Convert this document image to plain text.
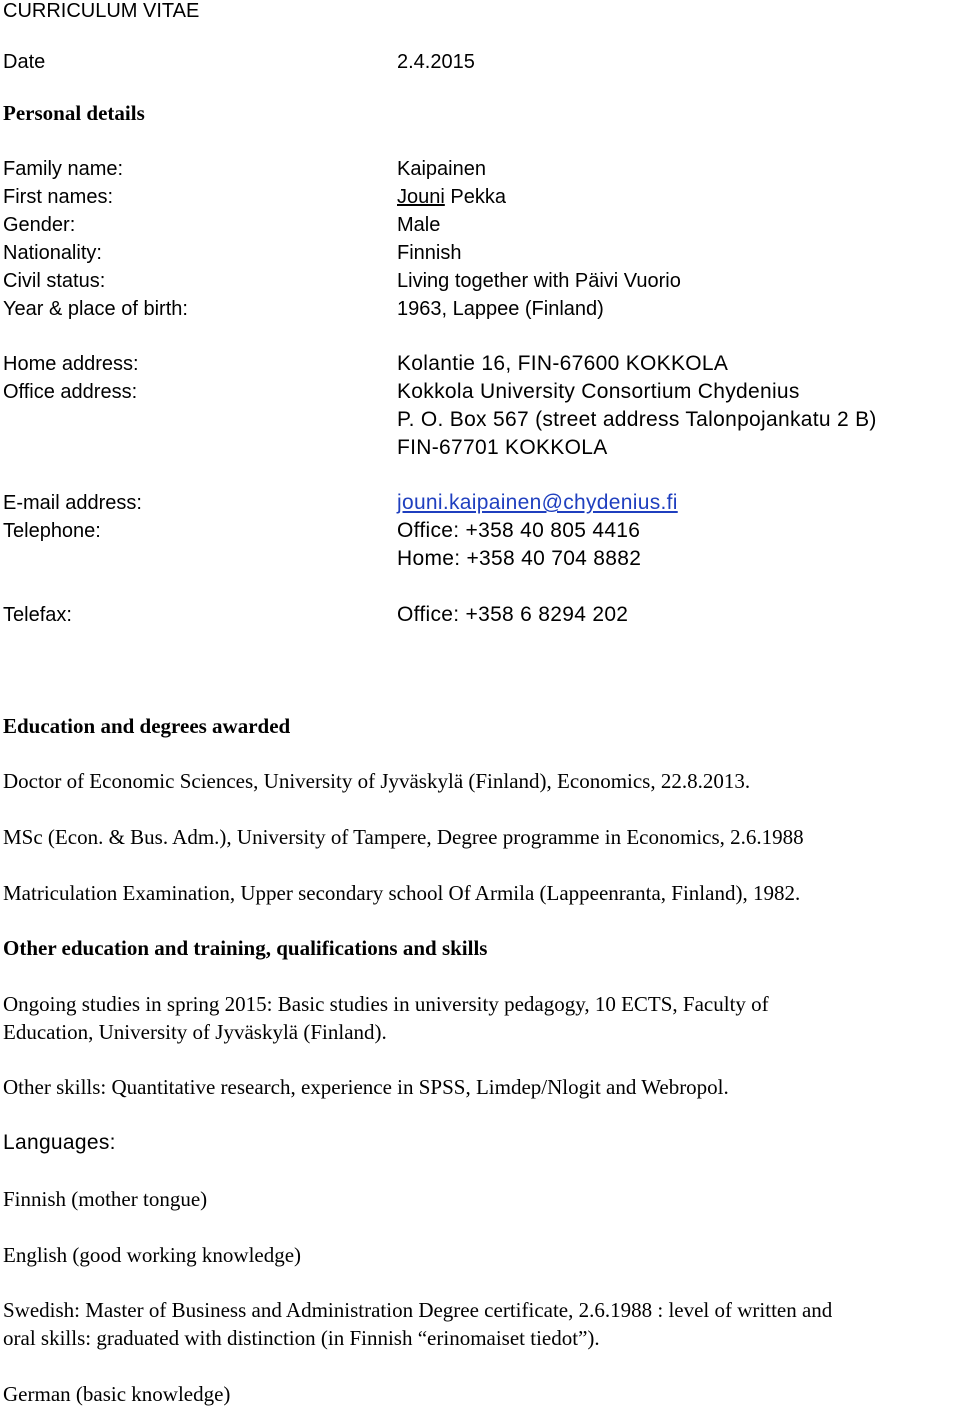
CURRICULUM VITAE
Date	2.4.2015
Personal details
Family name:	Kaipainen
First names:	Jouni Pekka
Gender:	Male
Nationality:	Finnish
Civil status:	Living together with Päivi Vuorio
Year & place of birth:	1963, Lappee (Finland)
Home address:	Kolantie 16, FIN-67600 KOKKOLA
Office address:	Kokkola University Consortium Chydenius
P. O. Box 567 (street address Talonpojankatu 2 B)
FIN-67701 KOKKOLA
E-mail address:	jouni.kaipainen@chydenius.fi
Telephone:	Office: +358 40 805 4416
Home: +358 40 704 8882
Telefax:	Office: +358 6 8294 202
Education and degrees awarded
Doctor of Economic Sciences, University of Jyväskylä (Finland), Economics, 22.8.2013.
MSc (Econ. & Bus. Adm.), University of Tampere, Degree programme in Economics, 2.6.1988
Matriculation Examination, Upper secondary school Of Armila (Lappeenranta, Finland), 1982.
Other education and training, qualifications and skills
Ongoing studies in spring 2015: Basic studies in university pedagogy, 10 ECTS, Faculty of
Education, University of Jyväskylä (Finland).
Other skills: Quantitative research, experience in SPSS, Limdep/Nlogit and Webropol.
Languages:
Finnish (mother tongue)
English (good working knowledge)
Swedish: Master of Business and Administration Degree certificate, 2.6.1988 : level of written and
oral skills: graduated with distinction (in Finnish “erinomaiset tiedot”).
German (basic knowledge)
